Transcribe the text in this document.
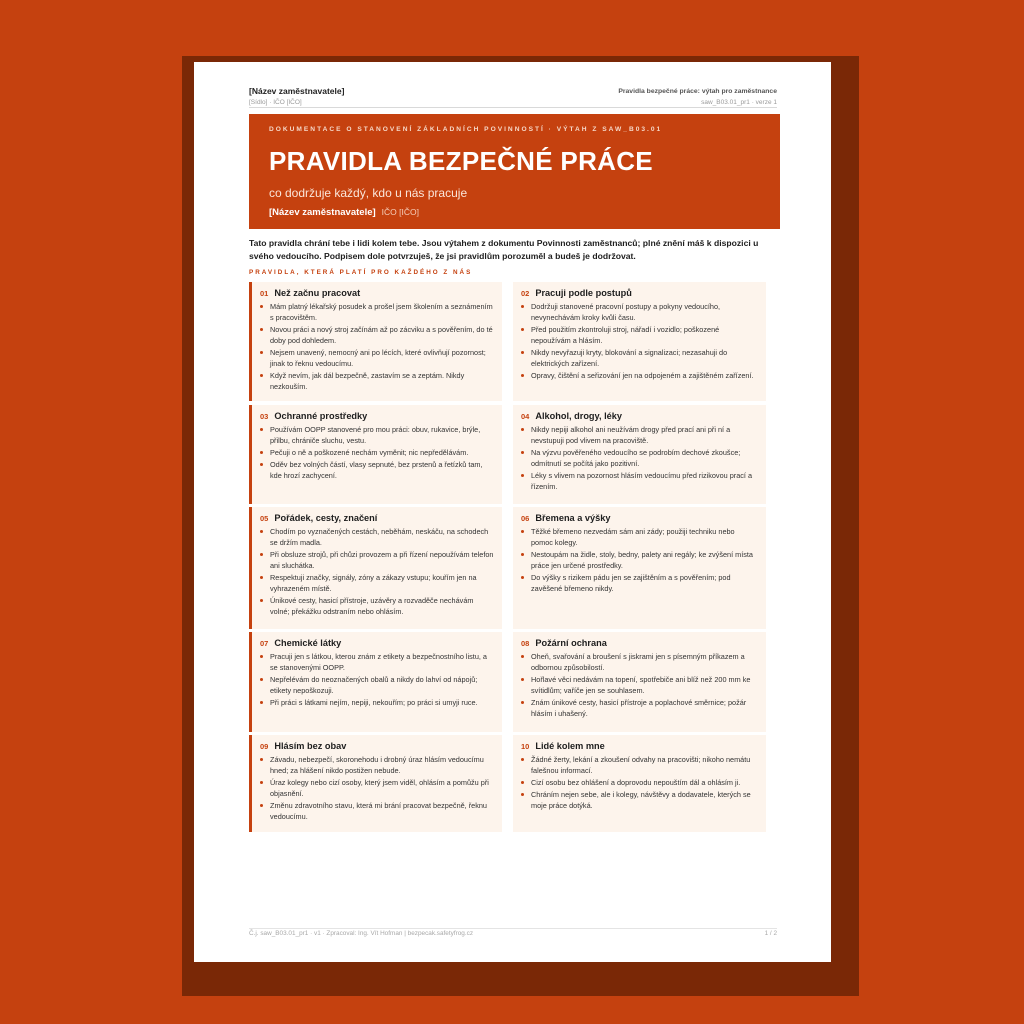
[Název zaměstnavatele]
[Sídlo] · IČO [IČO]
Pravidla bezpečné práce: výtah pro zaměstnance
saw_B03.01_pr1 · verze 1
DOKUMENTACE O STANOVENÍ ZÁKLADNÍCH POVINNOSTÍ · VÝTAH Z SAW_B03.01
PRAVIDLA BEZPEČNÉ PRÁCE
co dodržuje každý, kdo u nás pracuje
[Název zaměstnavatele] IČO [IČO]
Tato pravidla chrání tebe i lidi kolem tebe. Jsou výtahem z dokumentu Povinnosti zaměstnanců; plné znění máš k dispozici u svého vedoucího. Podpisem dole potvrzuješ, že jsi pravidlům porozuměl a budeš je dodržovat.
PRAVIDLA, KTERÁ PLATÍ PRO KAŽDÉHO Z NÁS
01 Než začnu pracovat
Mám platný lékařský posudek a prošel jsem školením a seznámením s pracovištěm.
Novou práci a nový stroj začínám až po zácviku a s pověřením, do té doby pod dohledem.
Nejsem unavený, nemocný ani po lécích, které ovlivňují pozornost; jinak to řeknu vedoucímu.
Když nevím, jak dál bezpečně, zastavím se a zeptám. Nikdy nezkouším.
02 Pracuji podle postupů
Dodržuji stanovené pracovní postupy a pokyny vedoucího, nevynechávám kroky kvůli času.
Před použitím zkontroluji stroj, nářadí i vozidlo; poškozené nepoužívám a hlásím.
Nikdy nevyřazuji kryty, blokování a signalizaci; nezasahuji do elektrických zařízení.
Opravy, čištění a seřizování jen na odpojeném a zajištěném zařízení.
03 Ochranné prostředky
Používám OOPP stanovené pro mou práci: obuv, rukavice, brýle, přilbu, chrániče sluchu, vestu.
Pečuji o ně a poškozené nechám vyměnit; nic nepředělávám.
Oděv bez volných částí, vlasy sepnuté, bez prstenů a řetízků tam, kde hrozí zachycení.
04 Alkohol, drogy, léky
Nikdy nepiji alkohol ani neužívám drogy před prací ani při ní a nevstupuji pod vlivem na pracoviště.
Na výzvu pověřeného vedoucího se podrobím dechové zkoušce; odmítnutí se počítá jako pozitivní.
Léky s vlivem na pozornost hlásím vedoucímu před rizikovou prací a řízením.
05 Pořádek, cesty, značení
Chodím po vyznačených cestách, neběhám, neskáču, na schodech se držím madla.
Při obsluze strojů, při chůzi provozem a při řízení nepoužívám telefon ani sluchátka.
Respektuji značky, signály, zóny a zákazy vstupu; kouřím jen na vyhrazeném místě.
Únikové cesty, hasicí přístroje, uzávěry a rozvaděče nechávám volné; překážku odstraním nebo ohlásím.
06 Břemena a výšky
Těžké břemeno nezvedám sám ani zády; použiji techniku nebo pomoc kolegy.
Nestoupám na židle, stoly, bedny, palety ani regály; ke zvýšení místa práce jen určené prostředky.
Do výšky s rizikem pádu jen se zajištěním a s pověřením; pod zavěšené břemeno nikdy.
07 Chemické látky
Pracuji jen s látkou, kterou znám z etikety a bezpečnostního listu, a se stanovenými OOPP.
Nepřelévám do neoznačených obalů a nikdy do lahví od nápojů; etikety nepoškozuji.
Při práci s látkami nejím, nepiji, nekouřím; po práci si umyji ruce.
08 Požární ochrana
Oheň, svařování a broušení s jiskrami jen s písemným příkazem a odbornou způsobilostí.
Hořlavé věci nedávám na topení, spotřebiče ani blíž než 200 mm ke svítidlům; vaříče jen se souhlasem.
Znám únikové cesty, hasicí přístroje a poplachové směrnice; požár hlásím i uhašený.
09 Hlásím bez obav
Závadu, nebezpečí, skoronehodu i drobný úraz hlásím vedoucímu hned; za hlášení nikdo postižen nebude.
Úraz kolegy nebo cizí osoby, který jsem viděl, ohlásím a pomůžu při objasnění.
Změnu zdravotního stavu, která mi brání pracovat bezpečně, řeknu vedoucímu.
10 Lidé kolem mne
Žádné žerty, lekání a zkoušení odvahy na pracovišti; nikoho nemátu falešnou informací.
Cizí osobu bez ohlášení a doprovodu nepouštím dál a ohlásím ji.
Chráním nejen sebe, ale i kolegy, návštěvy a dodavatele, kterých se moje práce dotýká.
Č.j. saw_B03.01_pr1 · v1 · Zpracoval: Ing. Vít Hofman | bezpecak.safetyfrog.cz	1 / 2
